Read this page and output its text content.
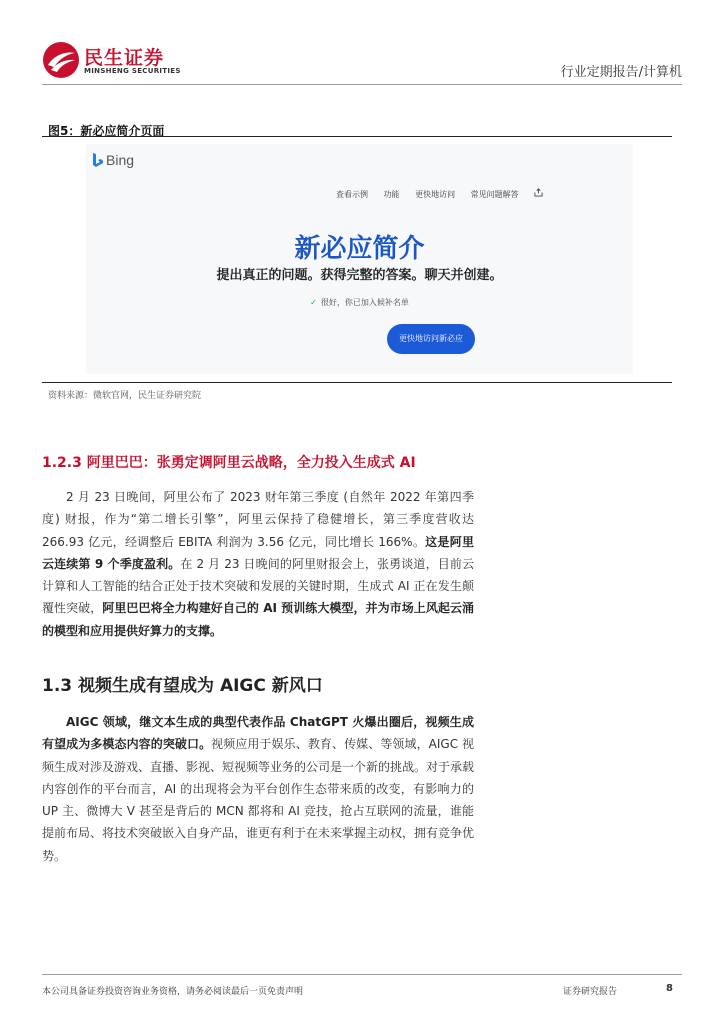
民生证券
MINSHENG SECURITIES	行业定期报告/计算机
图5：新必应简介页面
Bing
查看示例 功能 更快地访问 常见问题解答
新必应简介
提出真正的问题。获得完整的答案。聊天并创建。
✓ 很好，你已加入候补名单
更快地访问新必应
资料来源：微软官网，民生证券研究院
1.2.3 阿里巴巴：张勇定调阿里云战略，全力投入生成式 AI
2 月 23 日晚间，阿里公布了 2023 财年第三季度 (自然年 2022 年第四季度) 财报，作为“第二增长引擎”，阿里云保持了稳健增长，第三季度营收达 266.93 亿元，经调整后 EBITA 利润为 3.56 亿元，同比增长 166%。这是阿里云连续第 9 个季度盈利。在 2 月 23 日晚间的阿里财报会上，张勇谈道，目前云计算和人工智能的结合正处于技术突破和发展的关键时期，生成式 AI 正在发生颠覆性突破，阿里巴巴将全力构建好自己的 AI 预训练大模型，并为市场上风起云涌的模型和应用提供好算力的支撑。
1.3 视频生成有望成为 AIGC 新风口
AIGC 领域，继文本生成的典型代表作品 ChatGPT 火爆出圈后，视频生成有望成为多模态内容的突破口。视频应用于娱乐、教育、传媒、等领域，AIGC 视频生成对涉及游戏、直播、影视、短视频等业务的公司是一个新的挑战。对于承载内容创作的平台而言，AI 的出现将会为平台创作生态带来质的改变，有影响力的 UP 主、微博大 V 甚至是背后的 MCN 都将和 AI 竞技，抢占互联网的流量，谁能提前布局、将技术突破嵌入自身产品，谁更有利于在未来掌握主动权，拥有竞争优势。
本公司具备证券投资咨询业务资格，请务必阅读最后一页免责声明	证券研究报告	8
